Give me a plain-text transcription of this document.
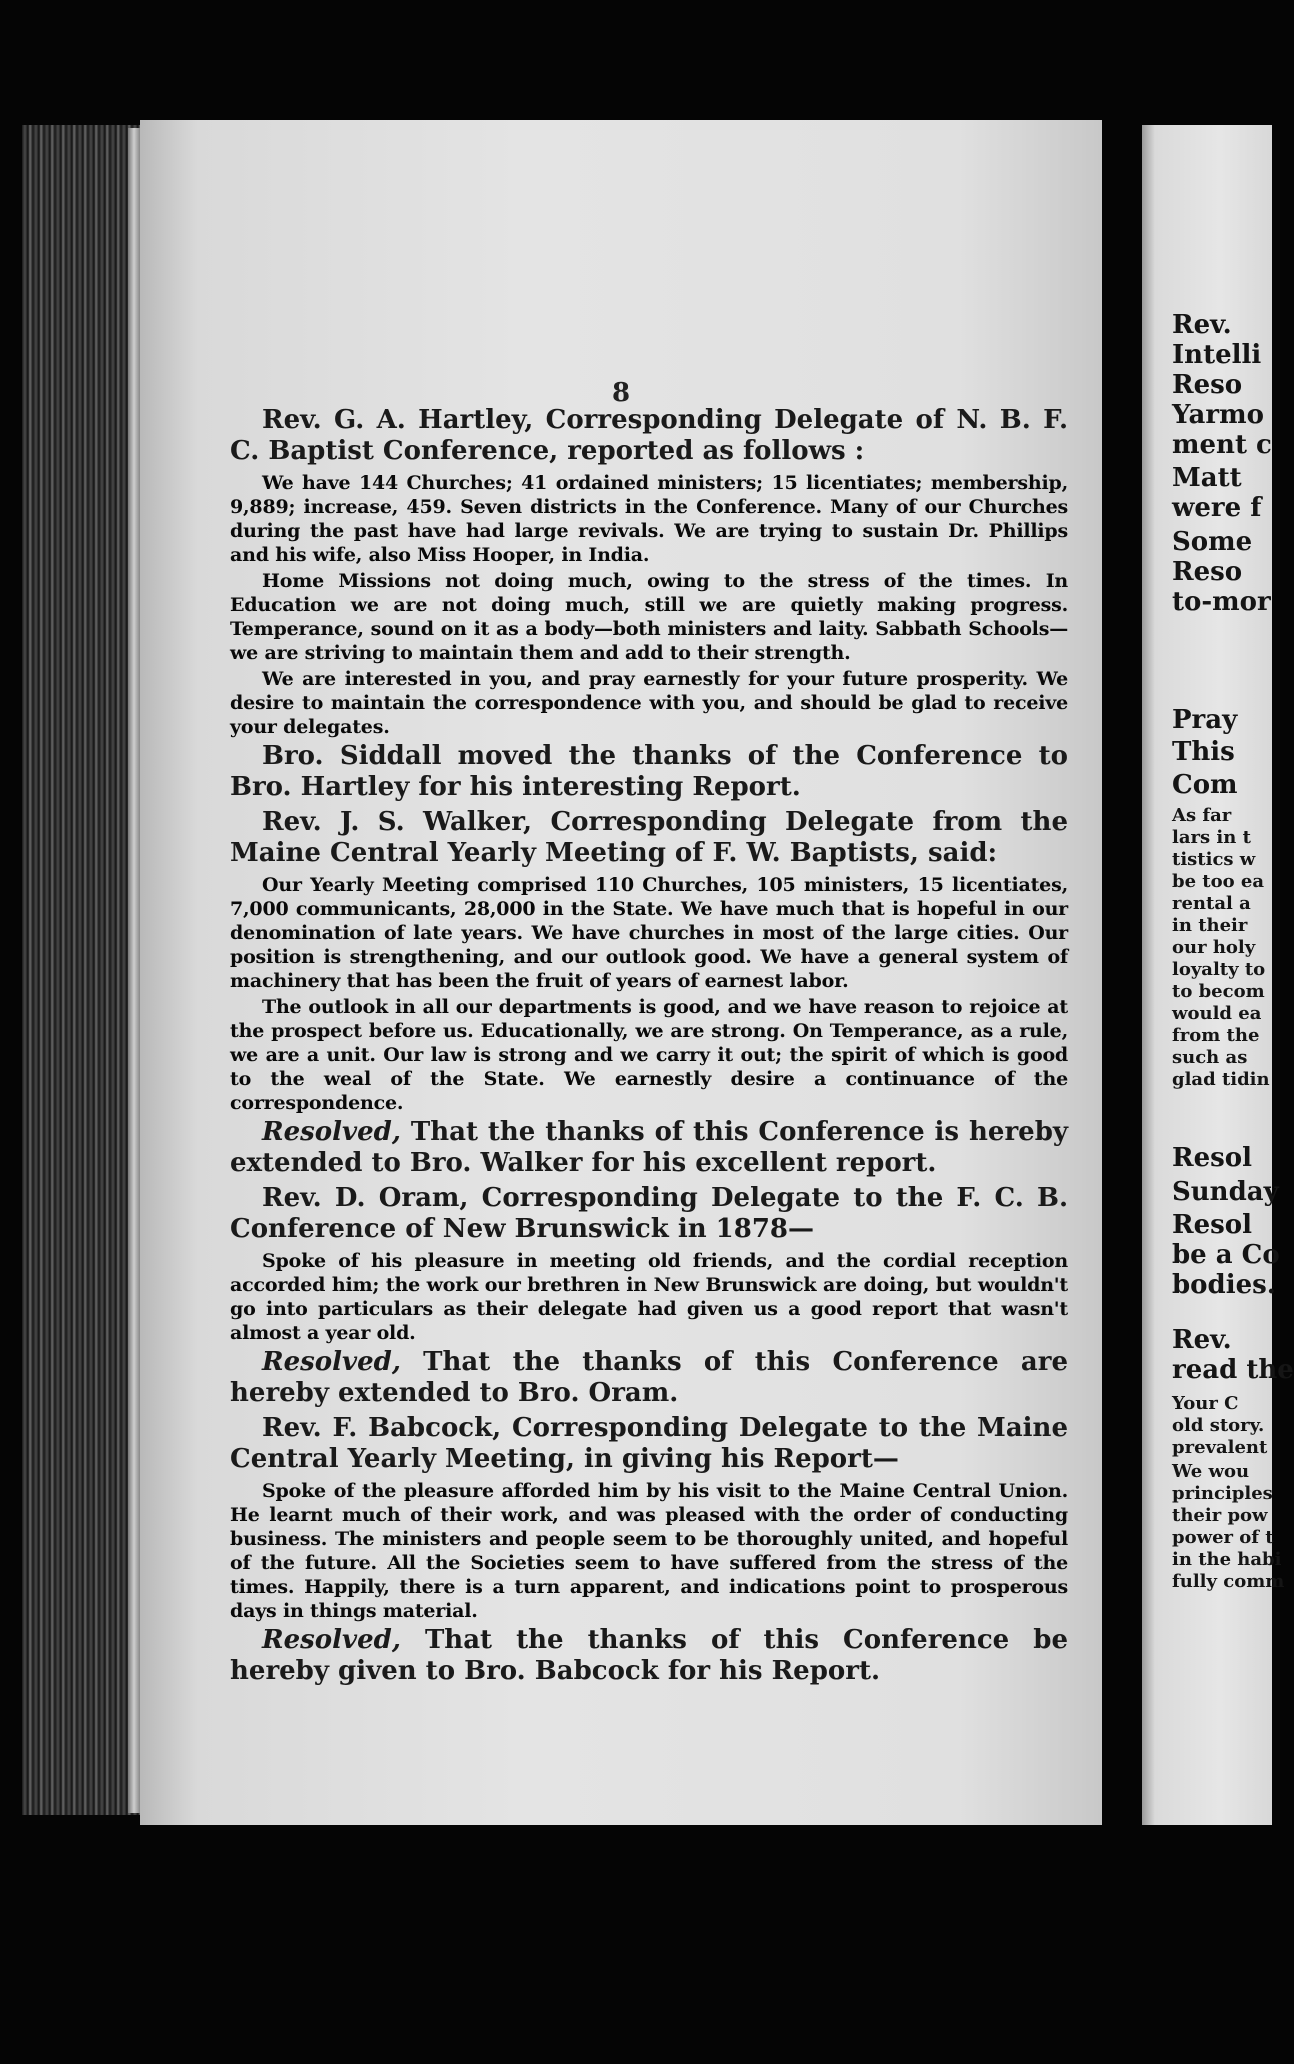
8

Rev. G. A. Hartley, Corresponding Delegate of N. B. F. C. Baptist Conference, reported as follows :

We have 144 Churches; 41 ordained ministers; 15 licentiates; membership, 9,889; increase, 459. Seven districts in the Conference. Many of our Churches during the past have had large revivals. We are trying to sustain Dr. Phillips and his wife, also Miss Hooper, in India.

Home Missions not doing much, owing to the stress of the times. In Education we are not doing much, still we are quietly making progress. Temperance, sound on it as a body—both ministers and laity. Sabbath Schools—we are striving to maintain them and add to their strength.

We are interested in you, and pray earnestly for your future prosperity. We desire to maintain the correspondence with you, and should be glad to receive your delegates.

Bro. Siddall moved the thanks of the Conference to Bro. Hartley for his interesting Report.

Rev. J. S. Walker, Corresponding Delegate from the Maine Central Yearly Meeting of F. W. Baptists, said:

Our Yearly Meeting comprised 110 Churches, 105 ministers, 15 licentiates, 7,000 communicants, 28,000 in the State. We have much that is hopeful in our denomination of late years. We have churches in most of the large cities. Our position is strengthening, and our outlook good. We have a general system of machinery that has been the fruit of years of earnest labor.

The outlook in all our departments is good, and we have reason to rejoice at the prospect before us. Educationally, we are strong. On Temperance, as a rule, we are a unit. Our law is strong and we carry it out; the spirit of which is good to the weal of the State. We earnestly desire a continuance of the correspondence.

Resolved, That the thanks of this Conference is hereby extended to Bro. Walker for his excellent report.

Rev. D. Oram, Corresponding Delegate to the F. C. B. Conference of New Brunswick in 1878—

Spoke of his pleasure in meeting old friends, and the cordial reception accorded him; the work our brethren in New Brunswick are doing, but wouldn't go into particulars as their delegate had given us a good report that wasn't almost a year old.

Resolved, That the thanks of this Conference are hereby extended to Bro. Oram.

Rev. F. Babcock, Corresponding Delegate to the Maine Central Yearly Meeting, in giving his Report—

Spoke of the pleasure afforded him by his visit to the Maine Central Union. He learnt much of their work, and was pleased with the order of conducting business. The ministers and people seem to be thoroughly united, and hopeful of the future. All the Societies seem to have suffered from the stress of the times. Happily, there is a turn apparent, and indications point to prosperous days in things material.

Resolved, That the thanks of this Conference be hereby given to Bro. Babcock for his Report.

Rev.
Intelli
Reso
Yarmo
ment c
Matt
were f
Some
Reso
to-mor
Pray
This
Com
As far
lars in t
tistics w
be too ea
rental a
in their
our holy
loyalty to
to becom
would ea
from the
such as
glad tidin
Resol
Sunday
Resol
be a Co
bodies.
Rev.
read the
Your C
old story.
prevalent
We wou
principles
their pow
power of t
in the habi
fully comm
